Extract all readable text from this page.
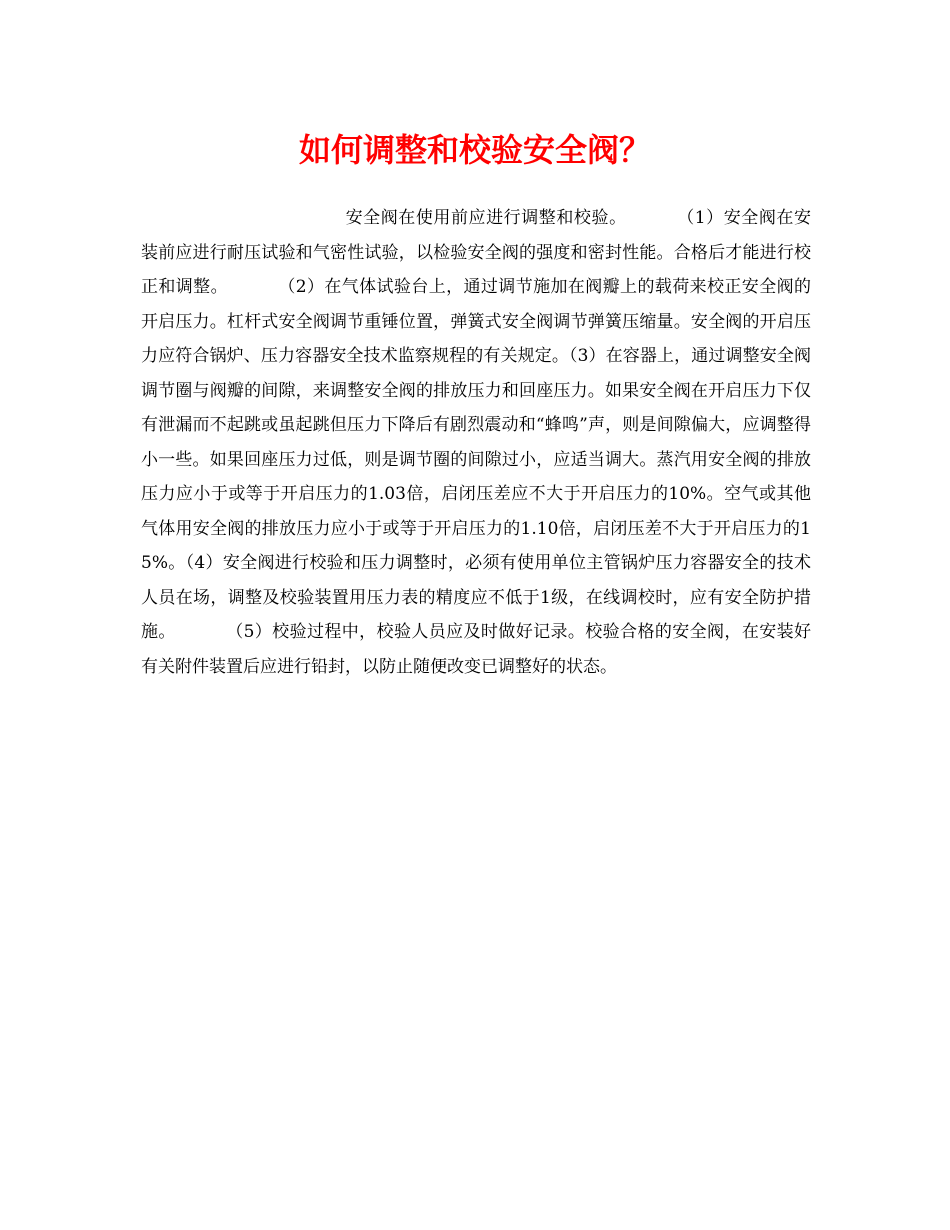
如何调整和校验安全阀？

安全阀在使用前应进行调整和校验。	（1）安全阀在安装前应进行耐压试验和气密性试验，以检验安全阀的强度和密封性能。合格后才能进行校正和调整。	（2）在气体试验台上，通过调节施加在阀瓣上的载荷来校正安全阀的开启压力。杠杆式安全阀调节重锤位置，弹簧式安全阀调节弹簧压缩量。安全阀的开启压力应符合锅炉、压力容器安全技术监察规程的有关规定。（3）在容器上，通过调整安全阀调节圈与阀瓣的间隙，来调整安全阀的排放压力和回座压力。如果安全阀在开启压力下仅有泄漏而不起跳或虽起跳但压力下降后有剧烈震动和“蜂鸣”声，则是间隙偏大，应调整得小一些。如果回座压力过低，则是调节圈的间隙过小，应适当调大。蒸汽用安全阀的排放压力应小于或等于开启压力的1.03倍，启闭压差应不大于开启压力的10%。空气或其他气体用安全阀的排放压力应小于或等于开启压力的1.10倍，启闭压差不大于开启压力的15%。（4）安全阀进行校验和压力调整时，必须有使用单位主管锅炉压力容器安全的技术人员在场，调整及校验装置用压力表的精度应不低于1级，在线调校时，应有安全防护措施。	（5）校验过程中，校验人员应及时做好记录。校验合格的安全阀，在安装好有关附件装置后应进行铅封，以防止随便改变已调整好的状态。
